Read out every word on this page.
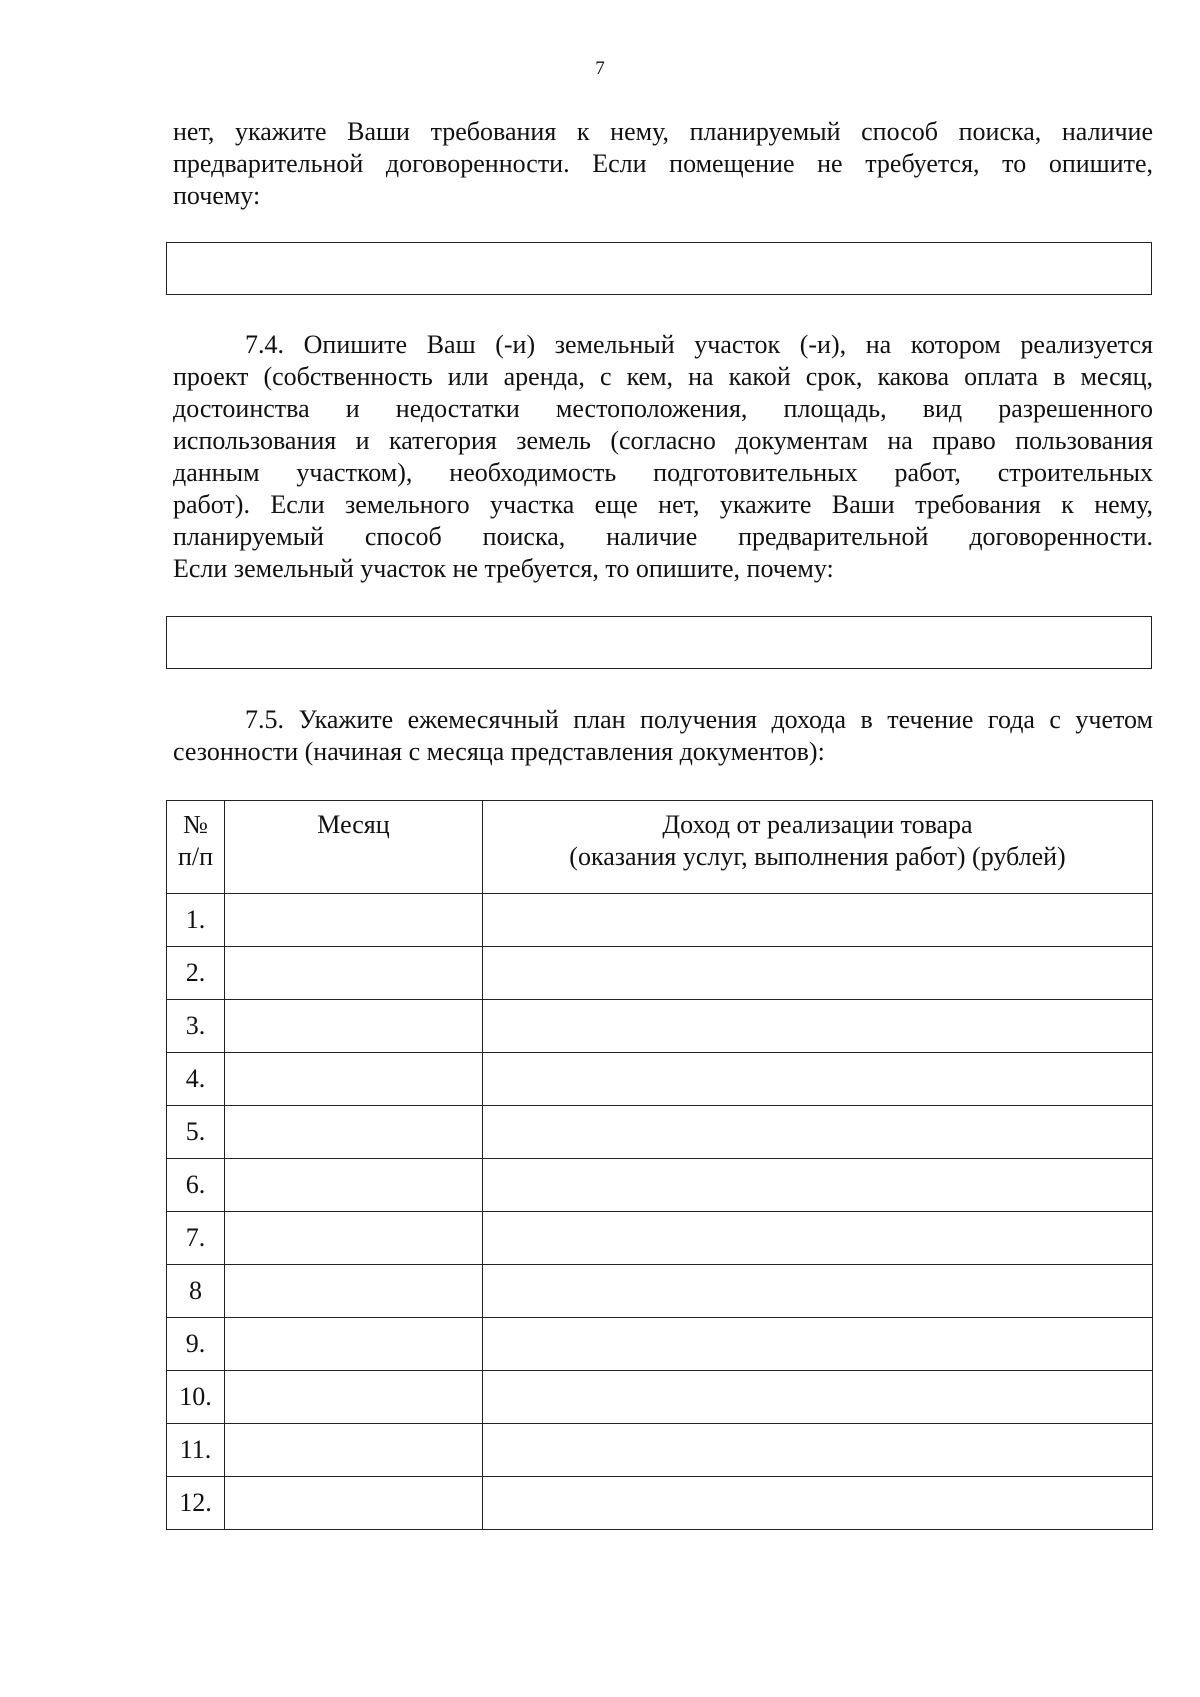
7

нет, укажите Ваши требования к нему, планируемый способ поиска, наличие
предварительной договоренности. Если помещение не требуется, то опишите,
почему:

7.4. Опишите Ваш (-и) земельный участок (-и), на котором реализуется
проект (собственность или аренда, с кем, на какой срок, какова оплата в месяц,
достоинства и недостатки местоположения, площадь, вид разрешенного
использования и категория земель (согласно документам на право пользования
данным участком), необходимость подготовительных работ, строительных
работ). Если земельного участка еще нет, укажите Ваши требования к нему,
планируемый способ поиска, наличие предварительной договоренности.
Если земельный участок не требуется, то опишите, почему:

7.5. Укажите ежемесячный план получения дохода в течение года с учетом
сезонности (начиная с месяца представления документов):

№
п/п	Месяц	Доход от реализации товара
(оказания услуг, выполнения работ) (рублей)

1.		
2.		
3.		
4.		
5.		
6.		
7.		
8		
9.		
10.		
11.		
12.		
